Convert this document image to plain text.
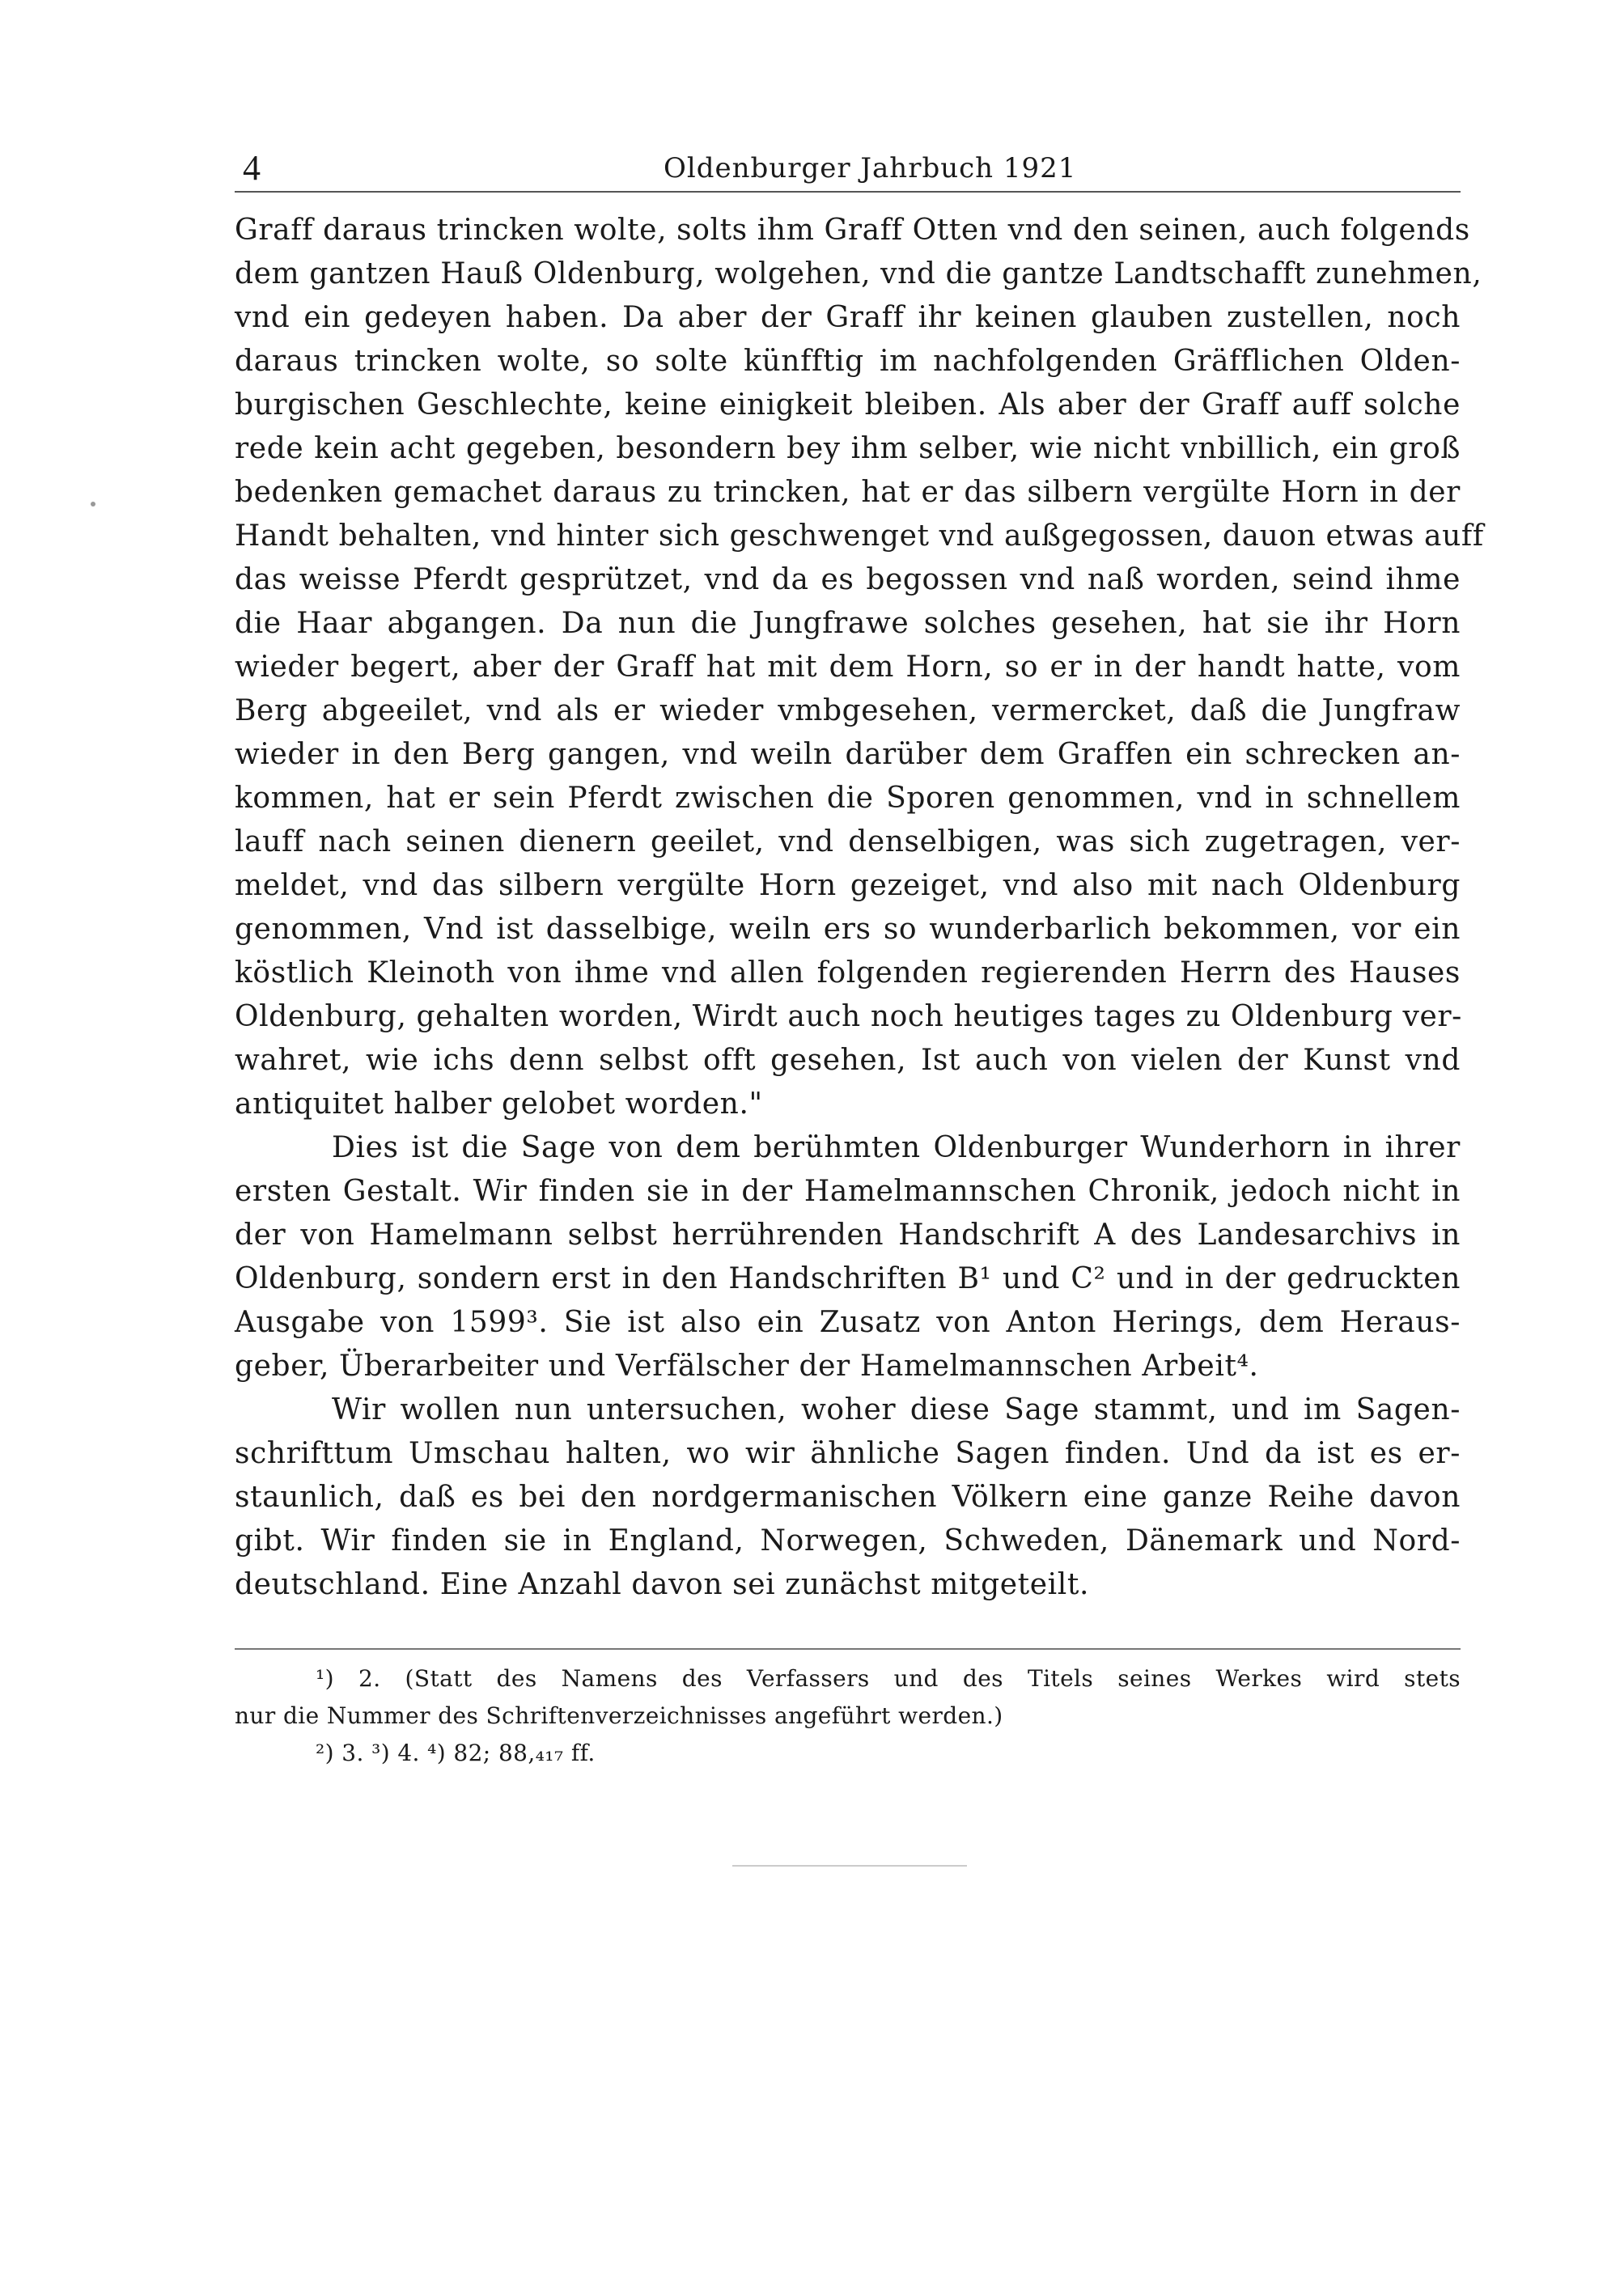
4	Oldenburger Jahrbuch 1921
Graff daraus trincken wolte, solts ihm Graff Otten vnd den seinen, auch folgends
dem gantzen Hauß Oldenburg, wolgehen, vnd die gantze Landtschafft zunehmen,
vnd ein gedeyen haben. Da aber der Graff ihr keinen glauben zustellen, noch
daraus trincken wolte, so solte künfftig im nachfolgenden Gräfflichen Olden-
burgischen Geschlechte, keine einigkeit bleiben. Als aber der Graff auff solche
rede kein acht gegeben, besondern bey ihm selber, wie nicht vnbillich, ein groß
bedenken gemachet daraus zu trincken, hat er das silbern vergülte Horn in der
Handt behalten, vnd hinter sich geschwenget vnd außgegossen, dauon etwas auff
das weisse Pferdt gesprützet, vnd da es begossen vnd naß worden, seind ihme
die Haar abgangen. Da nun die Jungfrawe solches gesehen, hat sie ihr Horn
wieder begert, aber der Graff hat mit dem Horn, so er in der handt hatte, vom
Berg abgeeilet, vnd als er wieder vmbgesehen, vermercket, daß die Jungfraw
wieder in den Berg gangen, vnd weiln darüber dem Graffen ein schrecken an-
kommen, hat er sein Pferdt zwischen die Sporen genommen, vnd in schnellem
lauff nach seinen dienern geeilet, vnd denselbigen, was sich zugetragen, ver-
meldet, vnd das silbern vergülte Horn gezeiget, vnd also mit nach Oldenburg
genommen, Vnd ist dasselbige, weiln ers so wunderbarlich bekommen, vor ein
köstlich Kleinoth von ihme vnd allen folgenden regierenden Herrn des Hauses
Oldenburg, gehalten worden, Wirdt auch noch heutiges tages zu Oldenburg ver-
wahret, wie ichs denn selbst offt gesehen, Ist auch von vielen der Kunst vnd
antiquitet halber gelobet worden."
Dies ist die Sage von dem berühmten Oldenburger Wunderhorn in ihrer
ersten Gestalt. Wir finden sie in der Hamelmannschen Chronik, jedoch nicht in
der von Hamelmann selbst herrührenden Handschrift A des Landesarchivs in
Oldenburg, sondern erst in den Handschriften B¹ und C² und in der gedruckten
Ausgabe von 1599³. Sie ist also ein Zusatz von Anton Herings, dem Heraus-
geber, Überarbeiter und Verfälscher der Hamelmannschen Arbeit⁴.
Wir wollen nun untersuchen, woher diese Sage stammt, und im Sagen-
schrifttum Umschau halten, wo wir ähnliche Sagen finden. Und da ist es er-
staunlich, daß es bei den nordgermanischen Völkern eine ganze Reihe davon
gibt. Wir finden sie in England, Norwegen, Schweden, Dänemark und Nord-
deutschland. Eine Anzahl davon sei zunächst mitgeteilt.
¹) 2. (Statt des Namens des Verfassers und des Titels seines Werkes wird stets
nur die Nummer des Schriftenverzeichnisses angeführt werden.)
²) 3. ³) 4. ⁴) 82; 88,₄₁₇ ff.
